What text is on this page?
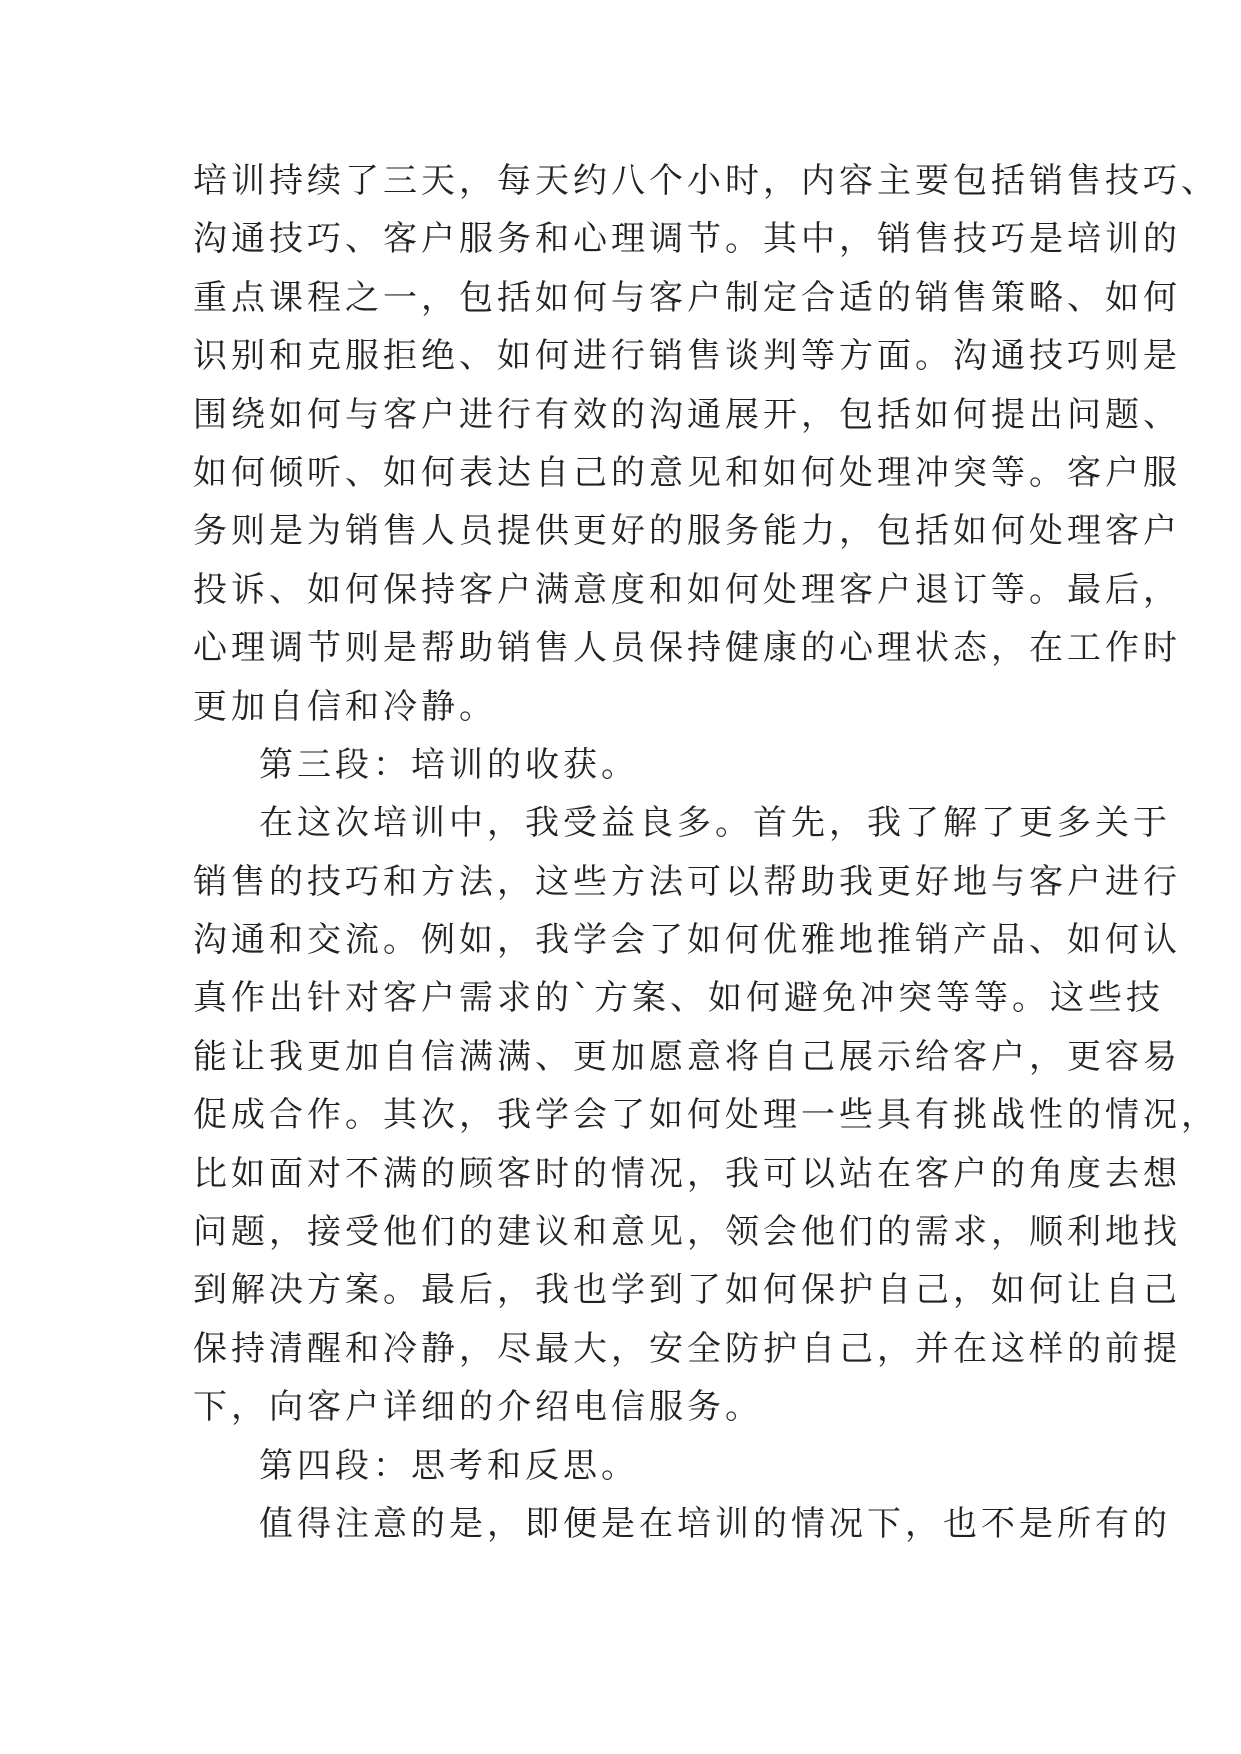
培训持续了三天，每天约八个小时，内容主要包括销售技巧、
沟通技巧、客户服务和心理调节。其中，销售技巧是培训的
重点课程之一，包括如何与客户制定合适的销售策略、如何
识别和克服拒绝、如何进行销售谈判等方面。沟通技巧则是
围绕如何与客户进行有效的沟通展开，包括如何提出问题、
如何倾听、如何表达自己的意见和如何处理冲突等。客户服
务则是为销售人员提供更好的服务能力，包括如何处理客户
投诉、如何保持客户满意度和如何处理客户退订等。最后，
心理调节则是帮助销售人员保持健康的心理状态，在工作时
更加自信和冷静。
第三段：培训的收获。
在这次培训中，我受益良多。首先，我了解了更多关于
销售的技巧和方法，这些方法可以帮助我更好地与客户进行
沟通和交流。例如，我学会了如何优雅地推销产品、如何认
真作出针对客户需求的`方案、如何避免冲突等等。这些技
能让我更加自信满满、更加愿意将自己展示给客户，更容易
促成合作。其次，我学会了如何处理一些具有挑战性的情况，
比如面对不满的顾客时的情况，我可以站在客户的角度去想
问题，接受他们的建议和意见，领会他们的需求，顺利地找
到解决方案。最后，我也学到了如何保护自己，如何让自己
保持清醒和冷静，尽最大，安全防护自己，并在这样的前提
下，向客户详细的介绍电信服务。
第四段：思考和反思。
值得注意的是，即便是在培训的情况下，也不是所有的
